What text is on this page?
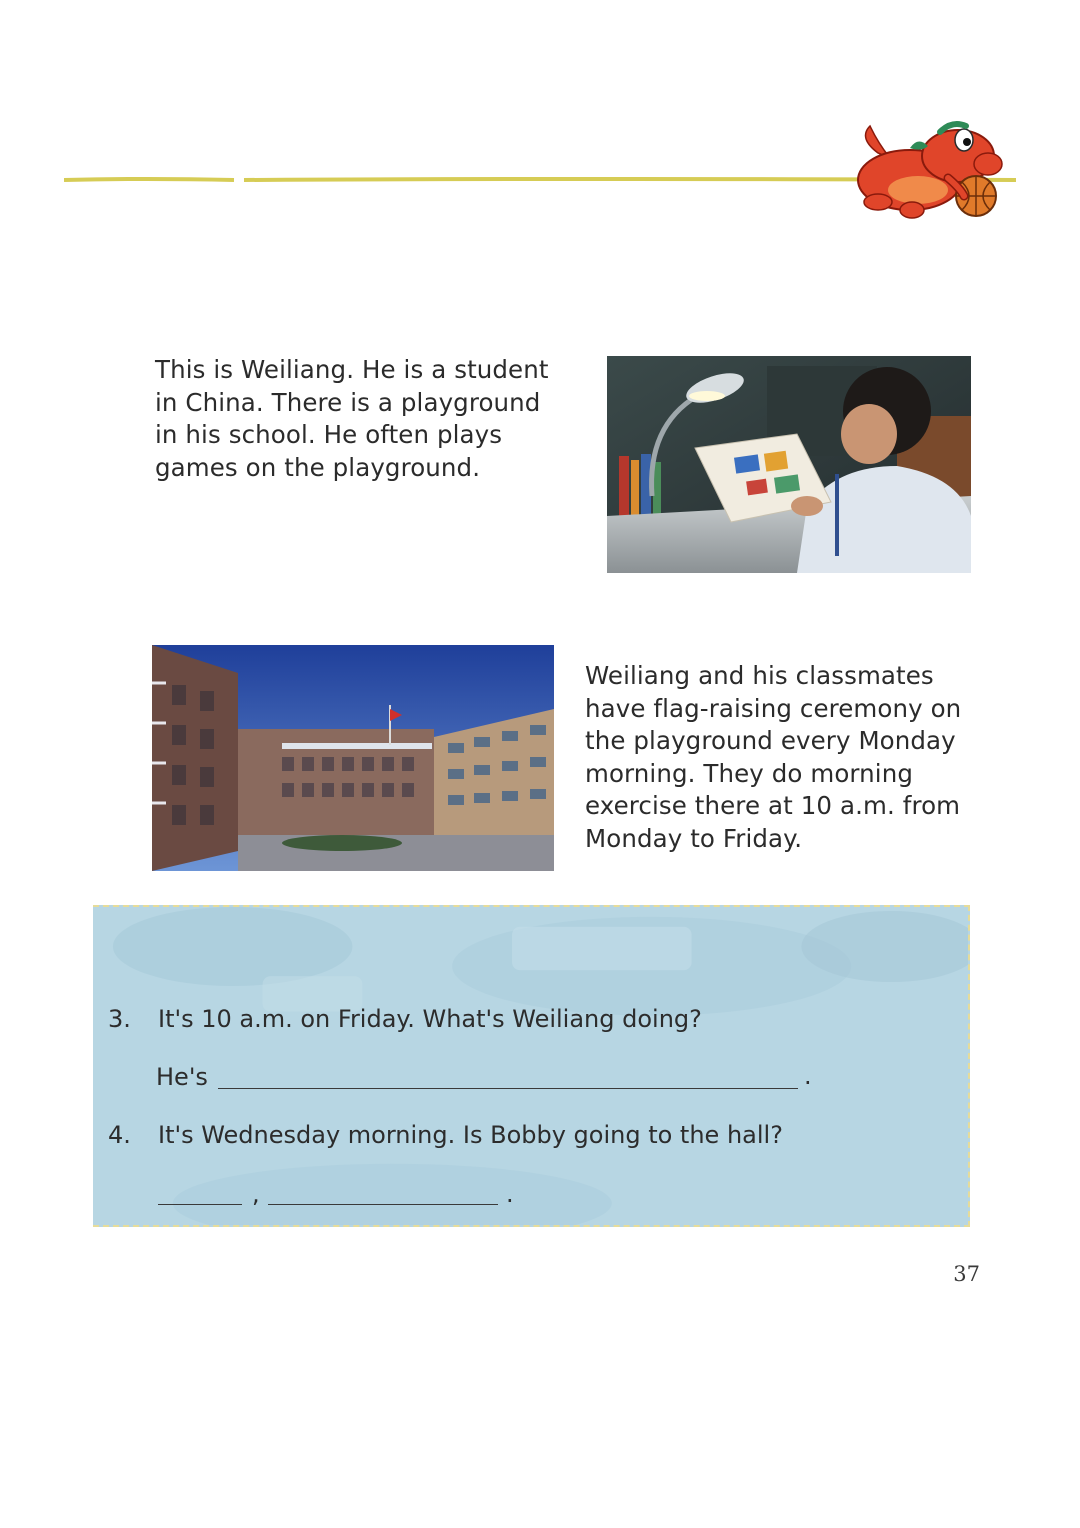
This is Weiliang. He is a student
in China. There is a playground
in his school. He often plays
games on the playground.
Weiliang and his classmates
have flag-raising ceremony on
the playground every Monday
morning. They do morning
exercise there at 10 a.m. from
Monday to Friday.
3. It's 10 a.m. on Friday. What's Weiliang doing?
He's	.
4. It's Wednesday morning. Is Bobby going to the hall?
,	.
37
